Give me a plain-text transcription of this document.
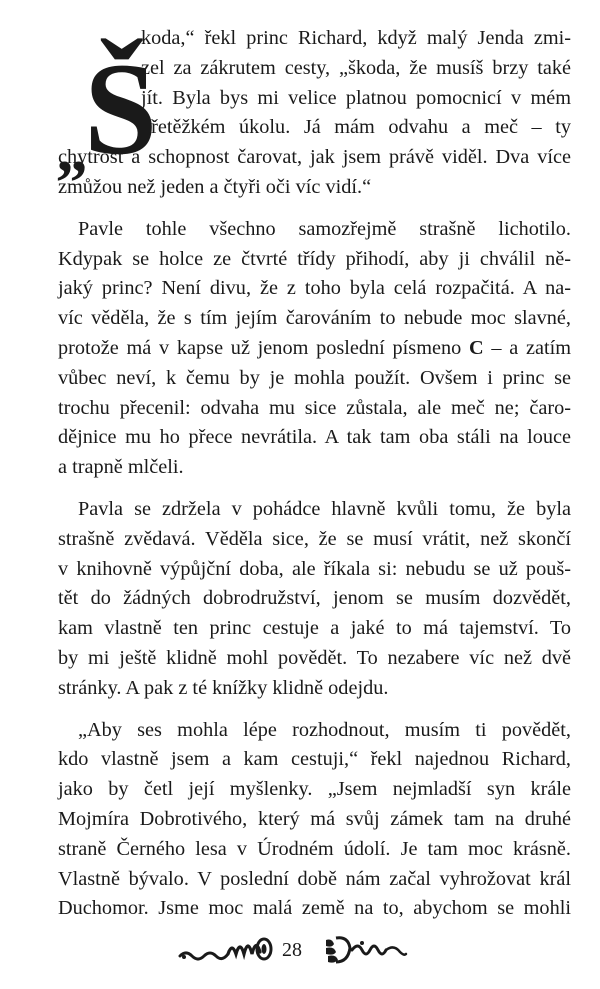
„
Š
koda,“ řekl princ Richard, když malý Jenda zmi-
zel za zákrutem cesty, „škoda, že musíš brzy také
jít. Byla bys mi velice platnou pomocnicí v mém
přetěžkém úkolu. Já mám odvahu a meč – ty
chytrost a schopnost čarovat, jak jsem právě viděl. Dva více
zmůžou než jeden a čtyři oči víc vidí.“
Pavle tohle všechno samozřejmě strašně lichotilo.
Kdypak se holce ze čtvrté třídy přihodí, aby ji chválil ně-
jaký princ? Není divu, že z toho byla celá rozpačitá. A na-
víc věděla, že s tím jejím čarováním to nebude moc slavné,
protože má v kapse už jenom poslední písmeno C – a zatím
vůbec neví, k čemu by je mohla použít. Ovšem i princ se
trochu přecenil: odvaha mu sice zůstala, ale meč ne; čaro-
dějnice mu ho přece nevrátila. A tak tam oba stáli na louce
a trapně mlčeli.
Pavla se zdržela v pohádce hlavně kvůli tomu, že byla
strašně zvědavá. Věděla sice, že se musí vrátit, než skončí
v knihovně výpůjční doba, ale říkala si: nebudu se už pouš-
tět do žádných dobrodružství, jenom se musím dozvědět,
kam vlastně ten princ cestuje a jaké to má tajemství. To
by mi ještě klidně mohl povědět. To nezabere víc než dvě
stránky. A pak z té knížky klidně odejdu.
„Aby ses mohla lépe rozhodnout, musím ti povědět,
kdo vlastně jsem a kam cestuji,“ řekl najednou Richard,
jako by četl její myšlenky. „Jsem nejmladší syn krále
Mojmíra Dobrotivého, který má svůj zámek tam na druhé
straně Černého lesa v Úrodném údolí. Je tam moc krásně.
Vlastně bývalo. V poslední době nám začal vyhrožovat král
Duchomor. Jsme moc malá země na to, abychom se mohli
28
